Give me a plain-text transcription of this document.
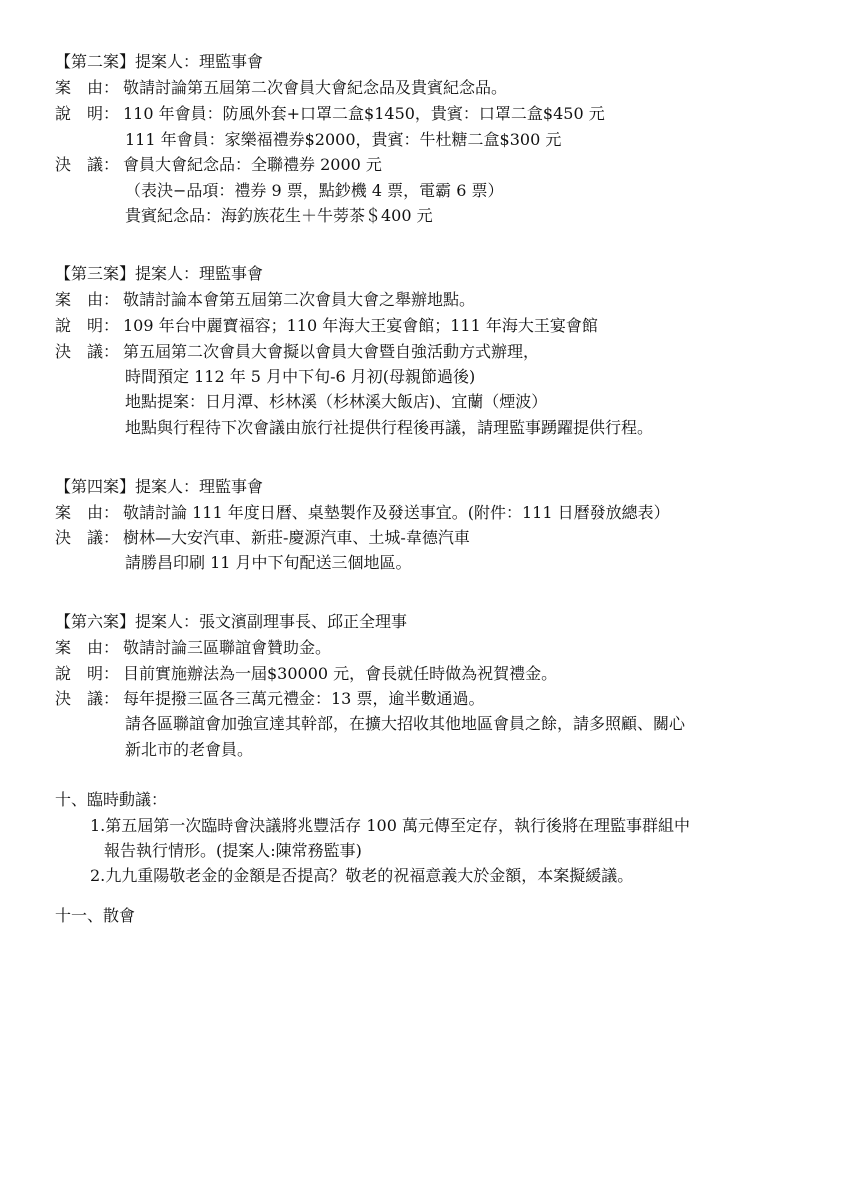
【第二案】提案人：理監事會
案　由： 敬請討論第五屆第二次會員大會紀念品及貴賓紀念品。
說　明： 110 年會員：防風外套+口罩二盒$1450，貴賓：口罩二盒$450 元
111 年會員：家樂福禮券$2000，貴賓：牛杜糖二盒$300 元
決　議： 會員大會紀念品：全聯禮券 2000 元
（表決−品項：禮券 9 票，點鈔機 4 票，電霸 6 票）
貴賓紀念品：海釣族花生＋牛蒡茶＄400 元
【第三案】提案人：理監事會
案　由： 敬請討論本會第五屆第二次會員大會之舉辦地點。
說　明： 109 年台中麗寶福容；110 年海大王宴會館；111 年海大王宴會館
決　議： 第五屆第二次會員大會擬以會員大會暨自強活動方式辦理，
時間預定 112 年 5 月中下旬-6 月初(母親節過後)
地點提案：日月潭、杉林溪（杉林溪大飯店)、宜蘭（煙波）
地點與行程待下次會議由旅行社提供行程後再議，請理監事踴躍提供行程。
【第四案】提案人：理監事會
案　由： 敬請討論 111 年度日曆、桌墊製作及發送事宜。(附件：111 日曆發放總表）
決　議： 樹林—大安汽車、新莊-慶源汽車、土城-韋德汽車
請勝昌印刷 11 月中下旬配送三個地區。
【第六案】提案人：張文濱副理事長、邱正全理事
案　由： 敬請討論三區聯誼會贊助金。
說　明： 目前實施辦法為一屆$30000 元，會長就任時做為祝賀禮金。
決　議： 每年提撥三區各三萬元禮金：13 票，逾半數通過。
請各區聯誼會加強宣達其幹部，在擴大招收其他地區會員之餘，請多照顧、關心
新北市的老會員。
十、臨時動議：
1.第五屆第一次臨時會決議將兆豐活存 100 萬元傳至定存，執行後將在理監事群組中
報告執行情形。(提案人:陳常務監事)
2.九九重陽敬老金的金額是否提高？敬老的祝福意義大於金額，本案擬緩議。
十一、散會
